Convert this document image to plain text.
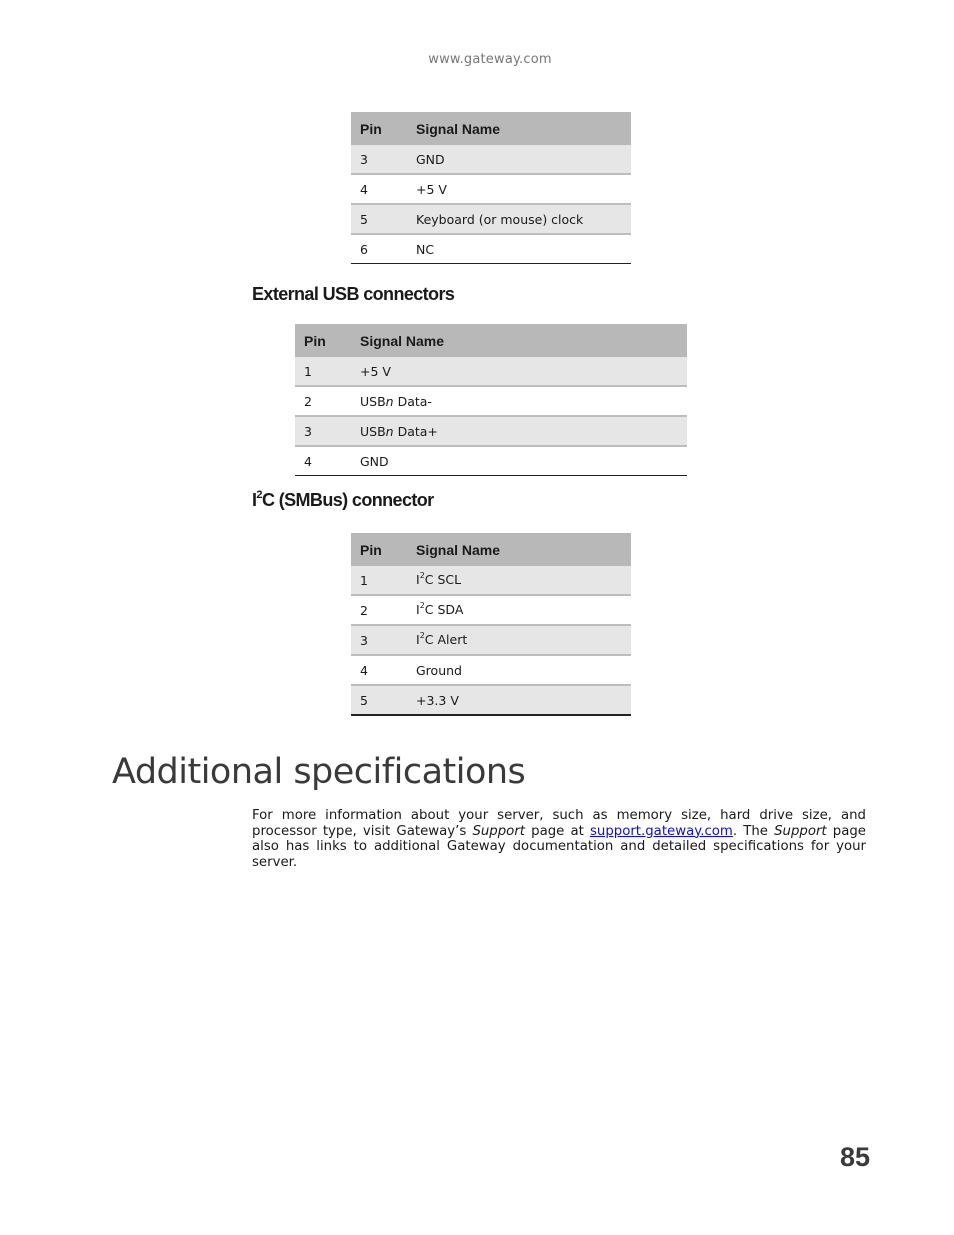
www.gateway.com
Pin	Signal Name
3	GND
4	+5 V
5	Keyboard (or mouse) clock
6	NC
External USB connectors
Pin	Signal Name
1	+5 V
2	USBn Data-
3	USBn Data+
4	GND
$I^2C$ (SMBus) connector
Pin	Signal Name
1	$I^2C$ SCL
2	$I^2C$ SDA
3	$I^2C$ Alert
4	Ground
5	+3.3 V
Additional specifications

For more information about your server, such as memory size, hard drive size, and processor type, visit Gateway’s Support page at support.gateway.com. The Support page also has links to additional Gateway documentation and detailed specifications for your server.

85
